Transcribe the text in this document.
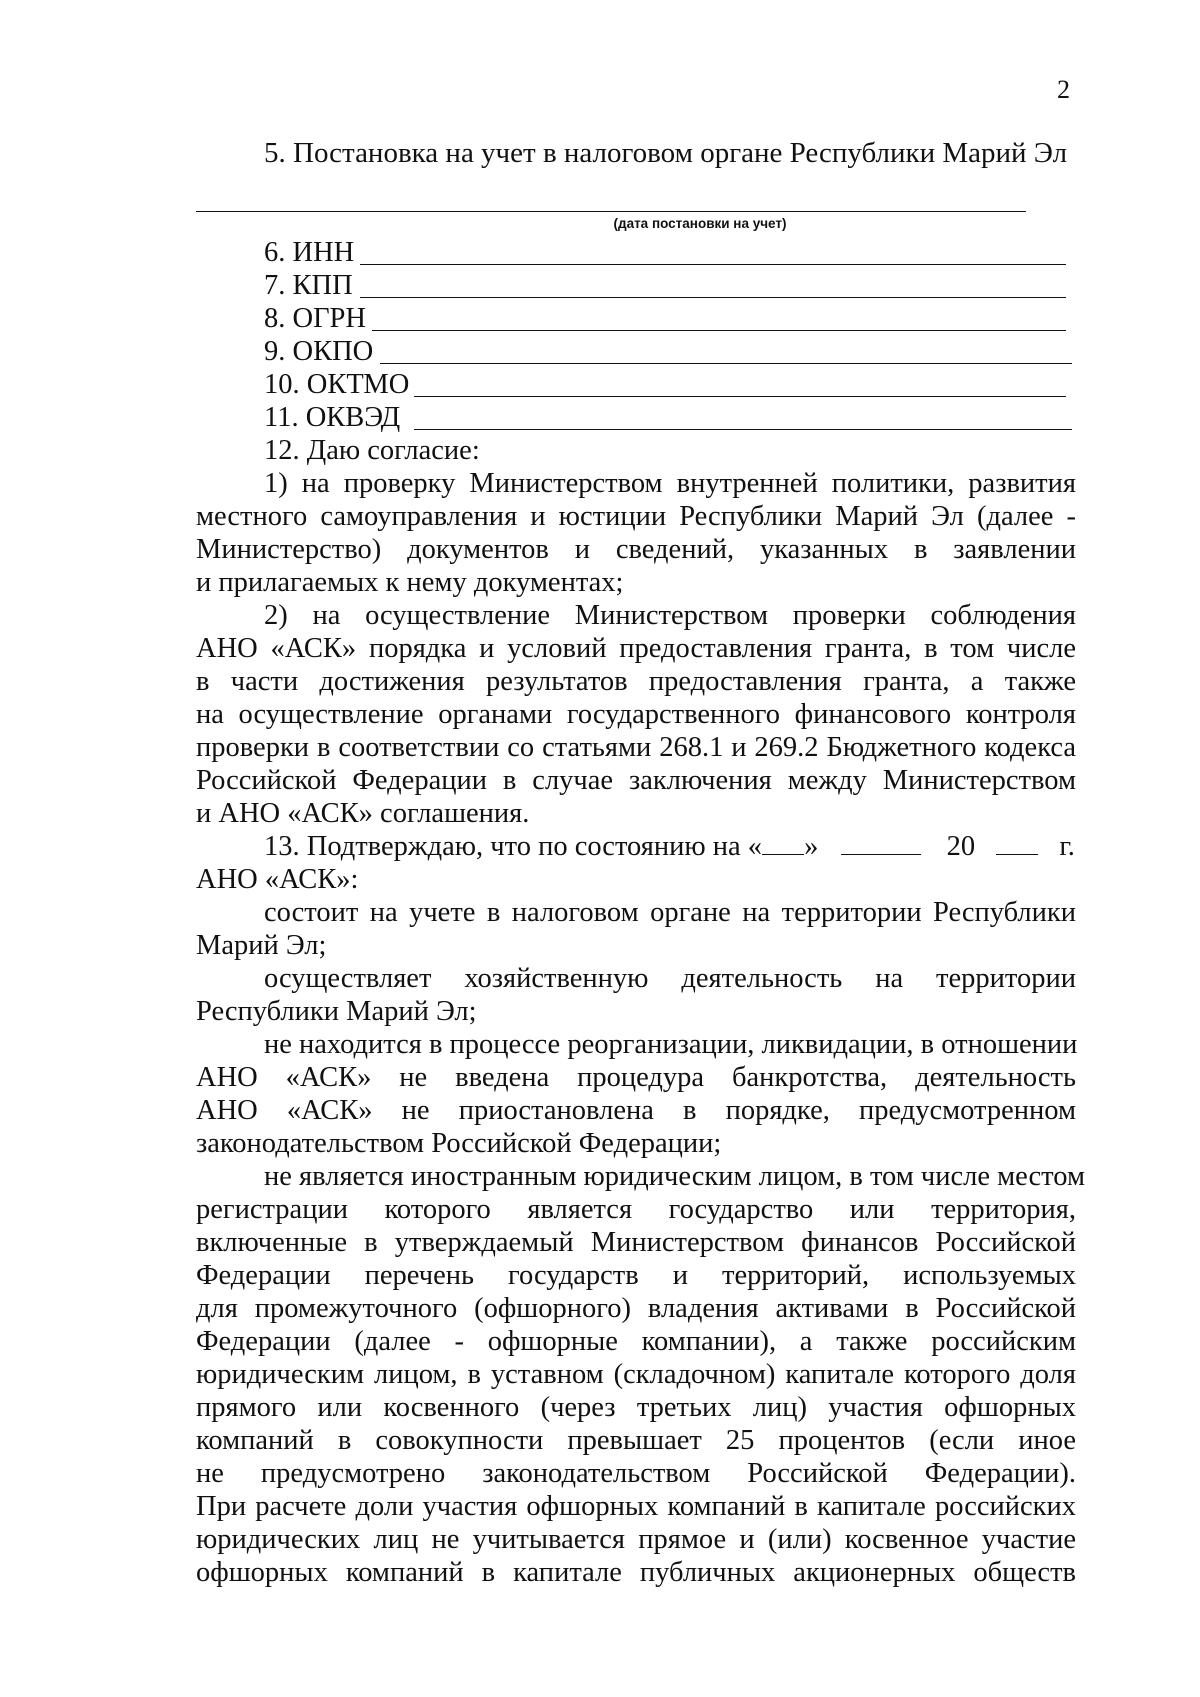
2
5. Постановка на учет в налоговом органе Республики Марий Эл
(дата постановки на учет)
6. ИНН
7. КПП
8. ОГРН
9. ОКПО
10. ОКТМО
11. ОКВЭД
12. Даю согласие:
1) на проверку Министерством внутренней политики, развития
местного самоуправления и юстиции Республики Марий Эл (далее -
Министерство) документов и сведений, указанных в заявлении
и прилагаемых к нему документах;
2) на осуществление Министерством проверки соблюдения
АНО «АСК» порядка и условий предоставления гранта, в том числе
в части достижения результатов предоставления гранта, а также
на осуществление органами государственного финансового контроля
проверки в соответствии со статьями 268.1 и 269.2 Бюджетного кодекса
Российской Федерации в случае заключения между Министерством
и АНО «АСК» соглашения.
13. Подтверждаю, что по состоянию на « »	20	г.
АНО «АСК»:
состоит на учете в налоговом органе на территории Республики
Марий Эл;
осуществляет хозяйственную деятельность на территории
Республики Марий Эл;
не находится в процессе реорганизации, ликвидации, в отношении
АНО «АСК» не введена процедура банкротства, деятельность
АНО «АСК» не приостановлена в порядке, предусмотренном
законодательством Российской Федерации;
не является иностранным юридическим лицом, в том числе местом
регистрации которого является государство или территория,
включенные в утверждаемый Министерством финансов Российской
Федерации перечень государств и территорий, используемых
для промежуточного (офшорного) владения активами в Российской
Федерации (далее - офшорные компании), а также российским
юридическим лицом, в уставном (складочном) капитале которого доля
прямого или косвенного (через третьих лиц) участия офшорных
компаний в совокупности превышает 25 процентов (если иное
не предусмотрено законодательством Российской Федерации).
При расчете доли участия офшорных компаний в капитале российских
юридических лиц не учитывается прямое и (или) косвенное участие
офшорных компаний в капитале публичных акционерных обществ
